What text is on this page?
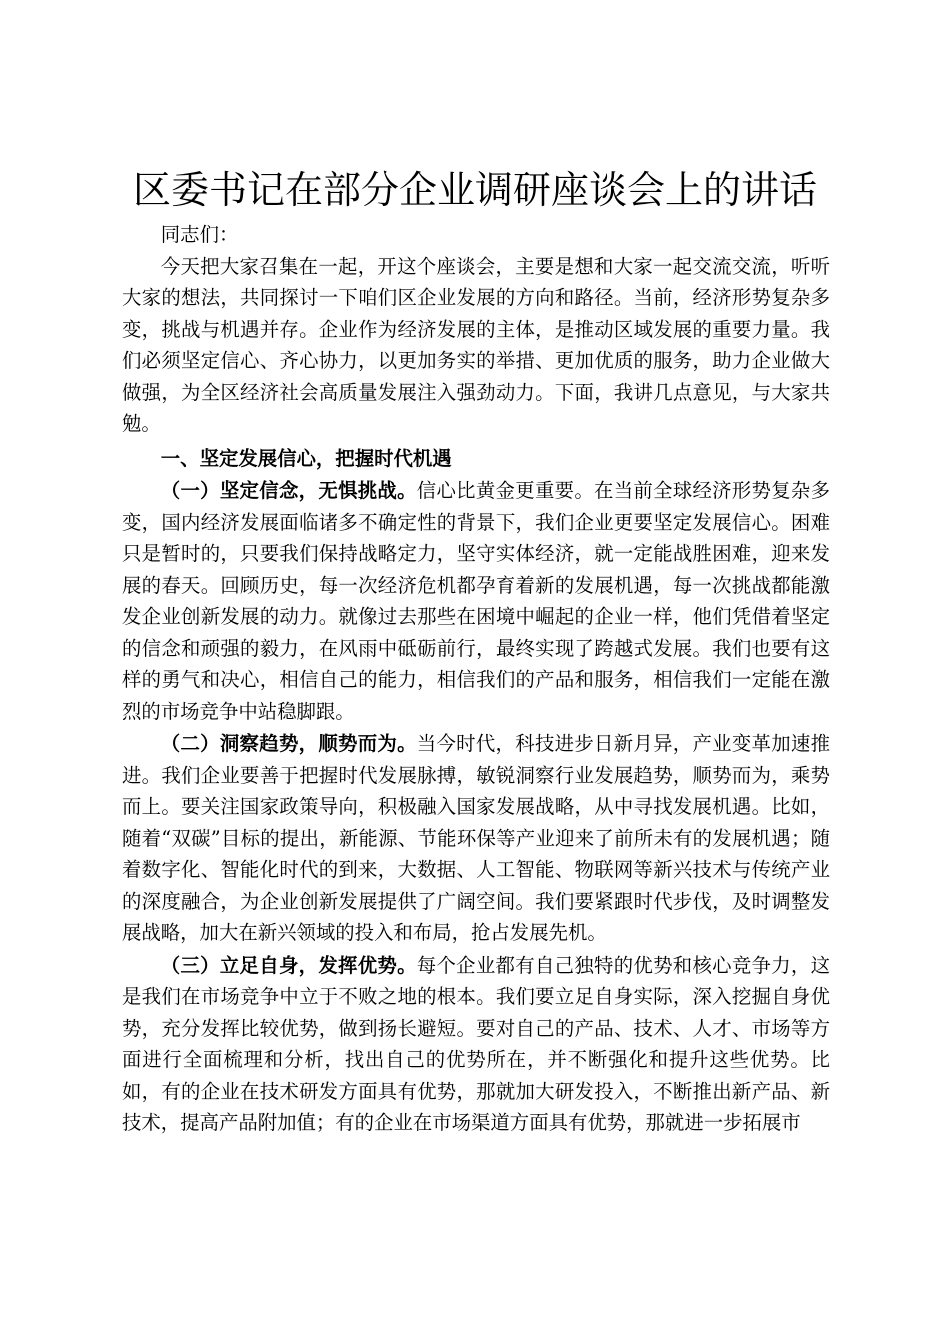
区委书记在部分企业调研座谈会上的讲话

同志们：

今天把大家召集在一起，开这个座谈会，主要是想和大家一起交流交流，听听大家的想法，共同探讨一下咱们区企业发展的方向和路径。当前，经济形势复杂多变，挑战与机遇并存。企业作为经济发展的主体，是推动区域发展的重要力量。我们必须坚定信心、齐心协力，以更加务实的举措、更加优质的服务，助力企业做大做强，为全区经济社会高质量发展注入强劲动力。下面，我讲几点意见，与大家共勉。

一、坚定发展信心，把握时代机遇

（一）坚定信念，无惧挑战。信心比黄金更重要。在当前全球经济形势复杂多变，国内经济发展面临诸多不确定性的背景下，我们企业更要坚定发展信心。困难只是暂时的，只要我们保持战略定力，坚守实体经济，就一定能战胜困难，迎来发展的春天。回顾历史，每一次经济危机都孕育着新的发展机遇，每一次挑战都能激发企业创新发展的动力。就像过去那些在困境中崛起的企业一样，他们凭借着坚定的信念和顽强的毅力，在风雨中砥砺前行，最终实现了跨越式发展。我们也要有这样的勇气和决心，相信自己的能力，相信我们的产品和服务，相信我们一定能在激烈的市场竞争中站稳脚跟。

（二）洞察趋势，顺势而为。当今时代，科技进步日新月异，产业变革加速推进。我们企业要善于把握时代发展脉搏，敏锐洞察行业发展趋势，顺势而为，乘势而上。要关注国家政策导向，积极融入国家发展战略，从中寻找发展机遇。比如，随着“双碳”目标的提出，新能源、节能环保等产业迎来了前所未有的发展机遇；随着数字化、智能化时代的到来，大数据、人工智能、物联网等新兴技术与传统产业的深度融合，为企业创新发展提供了广阔空间。我们要紧跟时代步伐，及时调整发展战略，加大在新兴领域的投入和布局，抢占发展先机。

（三）立足自身，发挥优势。每个企业都有自己独特的优势和核心竞争力，这是我们在市场竞争中立于不败之地的根本。我们要立足自身实际，深入挖掘自身优势，充分发挥比较优势，做到扬长避短。要对自己的产品、技术、人才、市场等方面进行全面梳理和分析，找出自己的优势所在，并不断强化和提升这些优势。比如，有的企业在技术研发方面具有优势，那就加大研发投入，不断推出新产品、新技术，提高产品附加值；有的企业在市场渠道方面具有优势，那就进一步拓展市
